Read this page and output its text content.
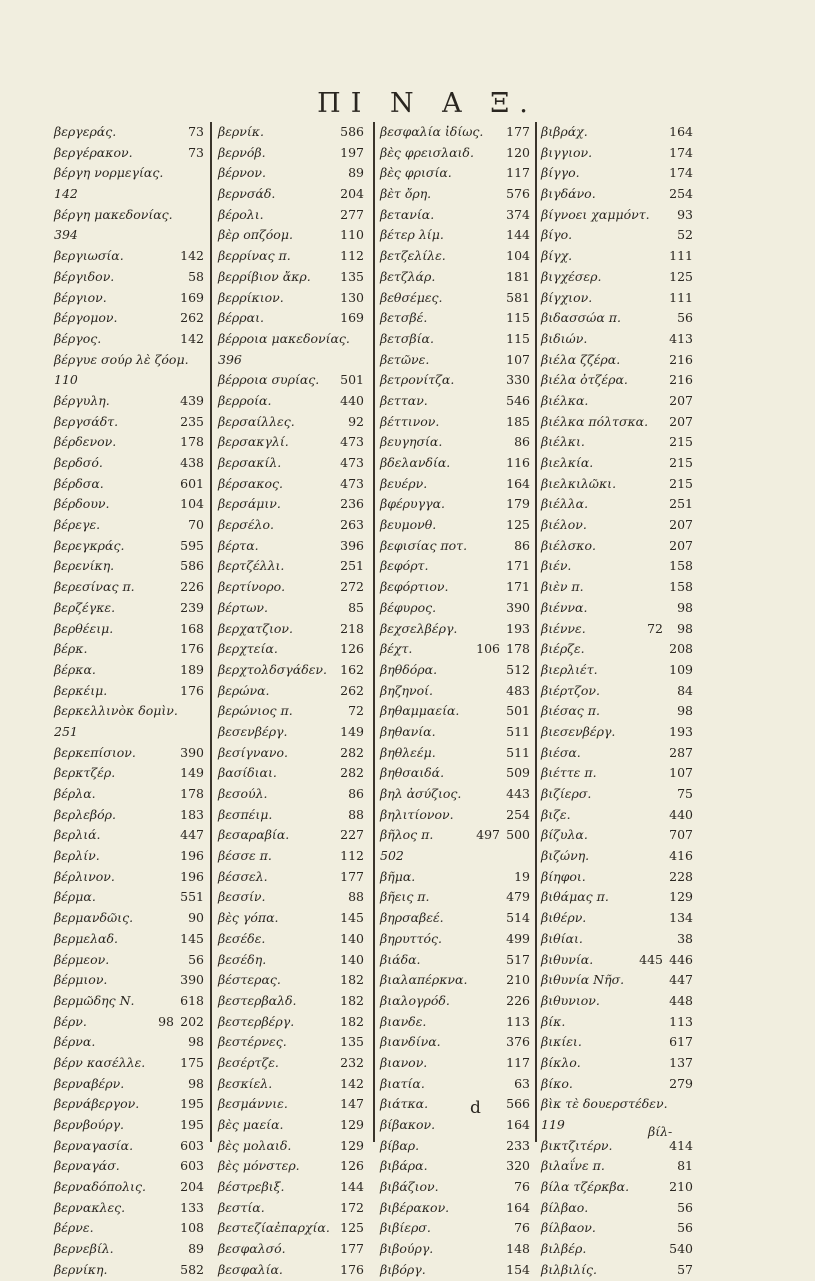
ΠΙ Ν Α Ξ.
βεργεράς.	73
βεργέρακον.	73
βέργη νορμεγίας.
142
βέργη μακεδονίας.
394
βεργιωσία.	142
βέργιδον.	58
βέργιον.	169
βέργομον.	262
βέργος.	142
βέργυε σούρ λὲ ζόομ.
110
βέργυλη.	439
βεργσάδτ.	235
βέρδενον.	178
βερδσό.	438
βέρδσα.	601
βέρδουν.	104
βέρεγε.	70
βερεγκράς.	595
βερενίκη.	586
βερεσίνας π.	226
βερζέγκε.	239
βερθέειμ.	168
βέρκ.	176
βέρκα.	189
βερκέιμ.	176
βερκελλινὸκ δομὶν.
251
βερκεπίσιον.	390
βερκτζέρ.	149
βέρλα.	178
βερλεβόρ.	183
βερλιά.	447
βερλίν.	196
βέρλινον.	196
βέρμα.	551
βερμανδῶις.	90
βερμελαδ.	145
βέρμεον.	56
βέρμιον.	390
βερμῶδης Ν.	618
βέρν.	98 202
βέρνα.	98
βέρν κασέλλε.	175
βερναβέρν.	98
βερνάβεργον.	195
βερνβούργ.	195
βερναγασία.	603
βερναγάσ.	603
βερναδόπολις.	204
βερνακλες.	133
βέρνε.	108
βερνεβίλ.	89
βερνίκη.	582
βερνίκ.	586
βερνόβ.	197
βέρνον.	89
βερνσάδ.	204
βέρολι.	277
βὲρ οπζόομ.	110
βερρίνας π.	112
βερρίβιον ἄκρ. 135
βερρίκιον.	130
βέρραι.	169
βέρροια μακεδονίας.
396
βέρροια συρίας. 501
βερροία.	440
βερσαίλλες.	92
βερσακγλί.	473
βερσακίλ.	473
βέρσακος.	473
βερσάμιν.	236
βερσέλο.	263
βέρτα.	396
βερτζέλλι.	251
βερτίνορο.	272
βέρτων.	85
βερχατζιον.	218
βερχτεία.	126
βερχτολδσγάδεν. 162
βερώνα.	262
βερώνιος π.	72
βεσενβέργ.	149
βεσίγνανο.	282
βασίδιαι.	282
βεσούλ.	86
βεσπέιμ.	88
βεσαραβία.	227
βέσσε π.	112
βέσσελ.	177
βεσσίν.	88
βὲς γόπα.	145
βεσέδε.	140
βεσέδη.	140
βέστερας.	182
βεστερβαλδ.	182
βεστερβέργ.	182
βεστέρνες.	135
βεσέρτζε.	232
βεσκίελ.	142
βεσμάννιε.	147
βὲς μαεία.	129
βὲς μολαιδ.	129
βὲς μόνστερ.	126
βέστρεβιξ.	144
βεστία.	172
βεστεζίαἐπαρχία. 125
βεσφαλσό.	177
βεσφαλία.	176
βεσφαλία ἰδίως. 177
βὲς φρεισλαιδ.	120
βὲς φρισία.	117
βὲτ ὄρη.	576
βετανία.	374
βέτερ λίμ.	144
βετζελίλε.	104
βετζλάρ.	181
βεθσέμες.	581
βετσβέ.	115
βετσβία.	115
βετῶνε.	107
βετρονίτζα.	330
βετταν.	546
βέττινον.	185
βευγησία.	86
βδελανδία.	116
βευέρν.	164
βφέρυγγα.	179
βευμονθ.	125
βεφισίας ποτ.	86
βεφόρτ.	171
βεφόρτιον.	171
βέφυρος.	390
βεχσελβέργ.	193
βέχτ.	106 178
βηθδόρα.	512
βηζηνοί.	483
βηθαμμαεία.	501
βηθανία.	511
βηθλεέμ.	511
βηθσαιδά.	509
βηλ ἀσύζιος.	443
βηλιτίονον.	254
βῆλος π.	497 500
502
βῆμα.	19
βῆεις π.	479
βηρσαβεέ.	514
βηρυττός.	499
βιάδα.	517
βιαλαπέρκνα.	210
βιαλογρόδ.	226
βιανδε.	113
βιανδίνα.	376
βιανον.	117
βιατία.	63
βιάτκα.	566
βίβακον.	164
βίβαρ.	233
βιβάρα.	320
βιβάζιον.	76
βιβέρακον.	164
βιβίερσ.	76
βιβούργ.	148
βιβόργ.	154
βιβράχ.	164
βιγγιον.	174
βίγγο.	174
βιγδάνο.	254
βίγνοει χαμμόντ. 93
βίγο.	52
βίγχ.	111
βιγχέσερ.	125
βίγχιον.	111
βιδασσώα π.	56
βιδιών.	413
βιέλα ζζέρα.	216
βιέλα ὀτζέρα.	216
βιέλκα.	207
βιέλκα πόλτσκα. 207
βιέλκι.	215
βιελκία.	215
βιελκιλῶκι.	215
βιέλλα.	251
βιέλον.	207
βιέλσκο.	207
βιέν.	158
βιὲν π.	158
βιέννα.	98
βιέννε.	72 98
βιέρζε.	208
βιερλιέτ.	109
βιέρτζον.	84
βιέσας π.	98
βιεσενβέργ.	193
βιέσα.	287
βιέττε π.	107
βιζίερσ.	75
βιζε.	440
βίζυλα.	707
βιζώνη.	416
βίηφοι.	228
βιθάμας π.	129
βιθέρν.	134
βιθίαι.	38
βιθυνία.	445 446
βιθυνία Νῆσ.	447
βιθυνιον.	448
βίκ.	113
βικίει.	617
βίκλο.	137
βίκο.	279
βὶκ τὲ δουερστέδεν.
119
βικτζιτέρν.	414
βιλαΐνε π.	81
βίλα τζέρκβα.	210
βίλβαο.	56
βίλβαον.	56
βιλβέρ.	540
βιλβιλίς.	57
d
βίλ-
